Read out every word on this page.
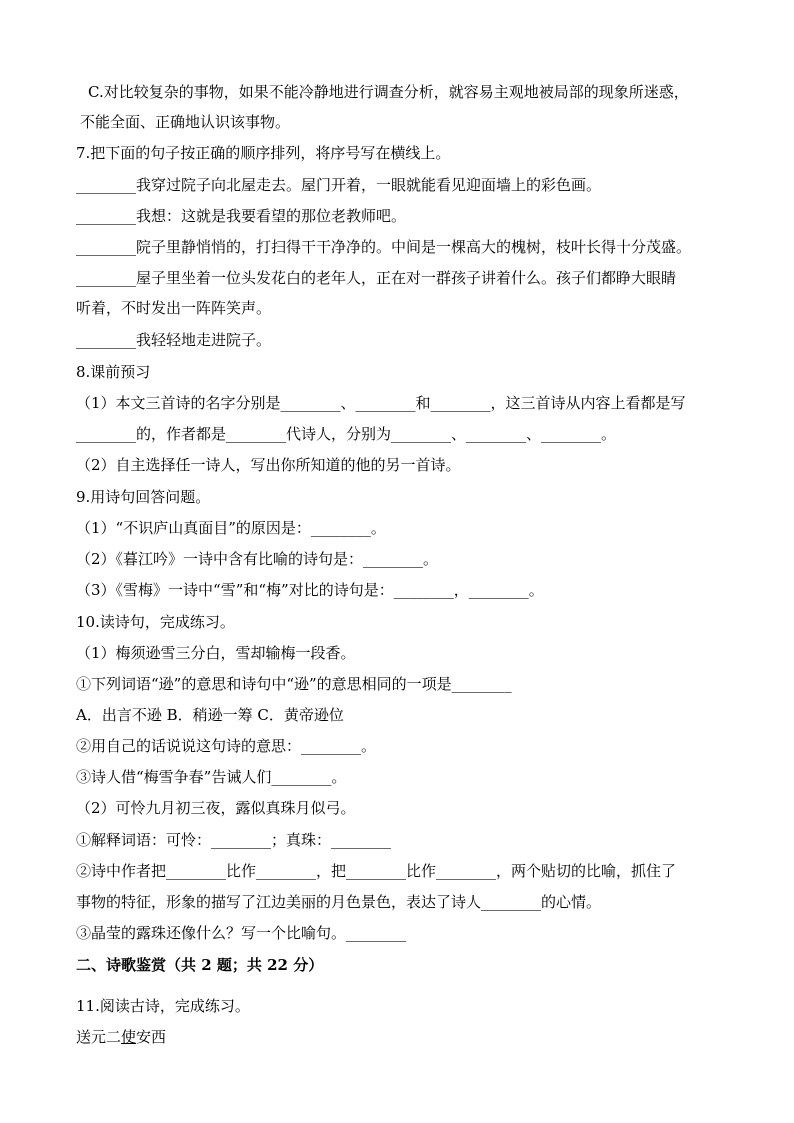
C.对比较复杂的事物，如果不能冷静地进行调查分析，就容易主观地被局部的现象所迷惑，
不能全面、正确地认识该事物。
7.把下面的句子按正确的顺序排列，将序号写在横线上。
________我穿过院子向北屋走去。屋门开着，一眼就能看见迎面墙上的彩色画。
________我想：这就是我要看望的那位老教师吧。
________院子里静悄悄的，打扫得干干净净的。中间是一棵高大的槐树，枝叶长得十分茂盛。
________屋子里坐着一位头发花白的老年人，正在对一群孩子讲着什么。孩子们都睁大眼睛
听着，不时发出一阵阵笑声。
________我轻轻地走进院子。
8.课前预习
（1）本文三首诗的名字分别是________、________和________，这三首诗从内容上看都是写
________的，作者都是________代诗人，分别为________、________、________。
（2）自主选择任一诗人，写出你所知道的他的另一首诗。
9.用诗句回答问题。
（1）“不识庐山真面目”的原因是：________。
（2）《暮江吟》一诗中含有比喻的诗句是：________。
（3）《雪梅》一诗中“雪”和“梅”对比的诗句是：________，________。
10.读诗句，完成练习。
（1）梅须逊雪三分白，雪却输梅一段香。
①下列词语“逊”的意思和诗句中“逊”的意思相同的一项是________
A．出言不逊 B．稍逊一筹 C．黄帝逊位
②用自己的话说说这句诗的意思：________。
③诗人借“梅雪争春”告诫人们________。
（2）可怜九月初三夜，露似真珠月似弓。
①解释词语：可怜：________；真珠：________
②诗中作者把________比作________，把________比作________，两个贴切的比喻，抓住了
事物的特征，形象的描写了江边美丽的月色景色，表达了诗人________的心情。
③晶莹的露珠还像什么？写一个比喻句。________
二、诗歌鉴赏（共 2 题；共 22 分）
11.阅读古诗，完成练习。
送元二使安西
